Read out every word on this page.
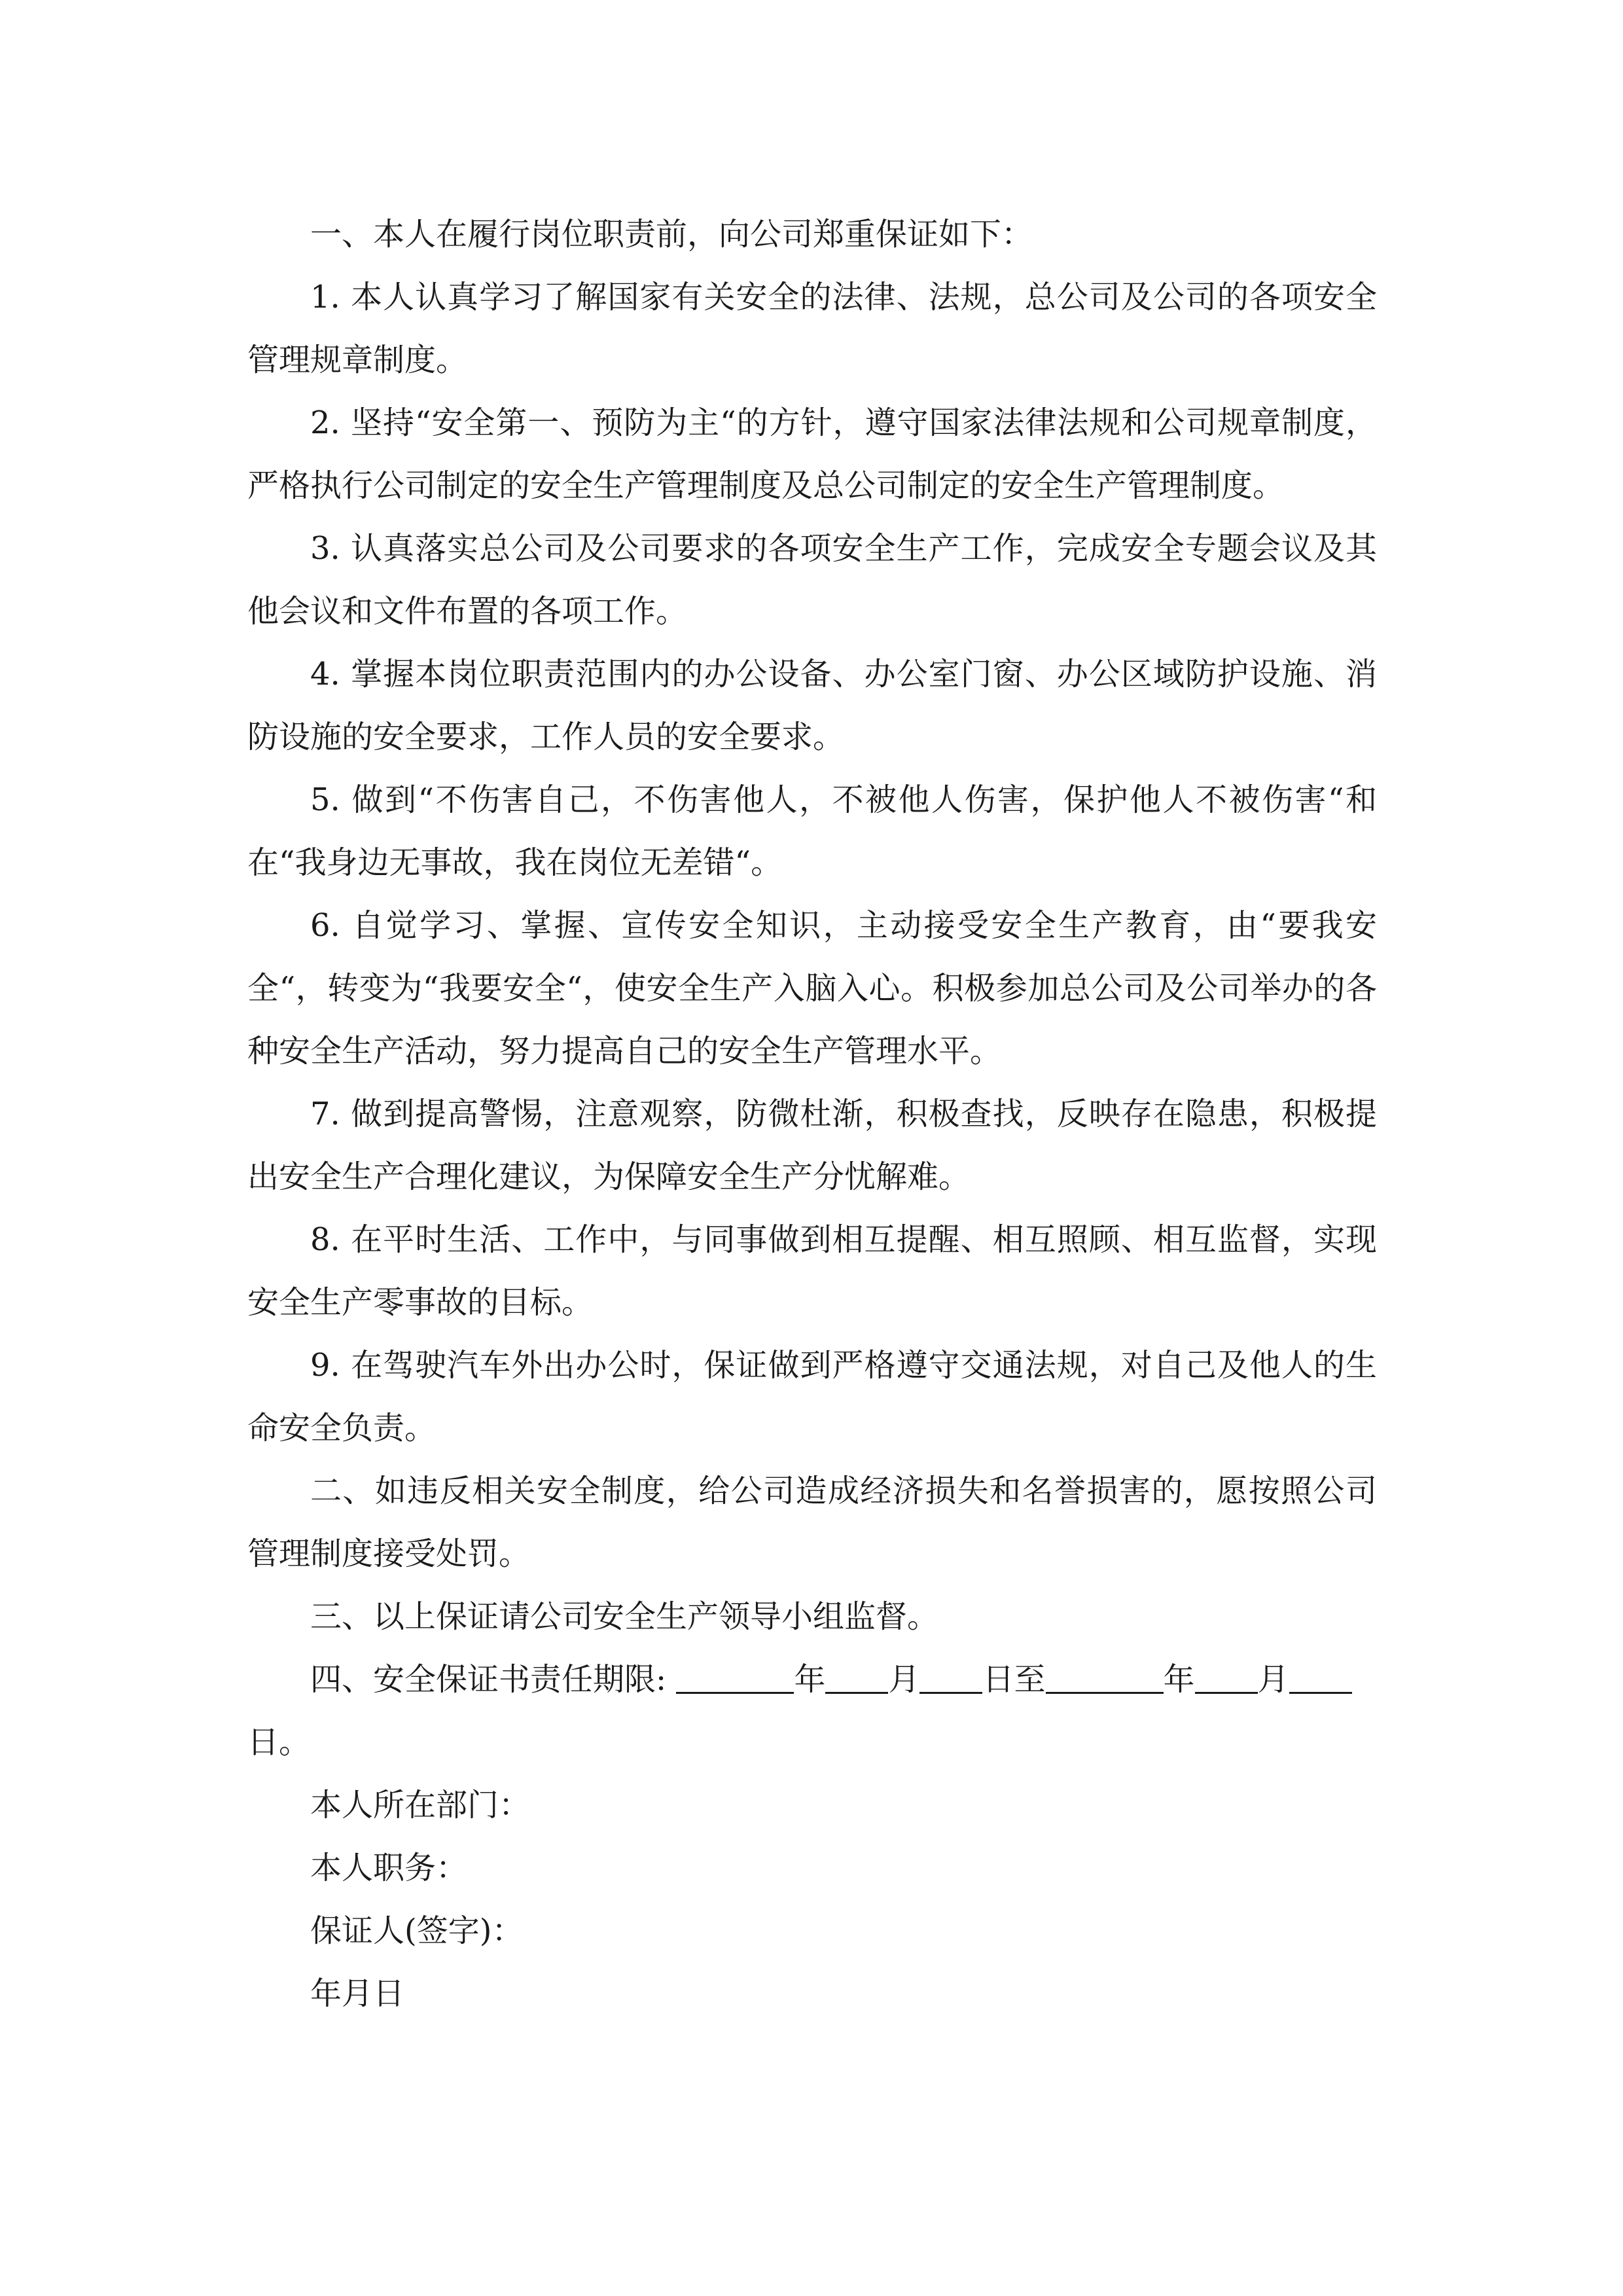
一、本人在履行岗位职责前，向公司郑重保证如下：

1. 本人认真学习了解国家有关安全的法律、法规，总公司及公司的各项安全管理规章制度。

2. 坚持“安全第一、预防为主“的方针，遵守国家法律法规和公司规章制度，严格执行公司制定的安全生产管理制度及总公司制定的安全生产管理制度。

3. 认真落实总公司及公司要求的各项安全生产工作，完成安全专题会议及其他会议和文件布置的各项工作。

4. 掌握本岗位职责范围内的办公设备、办公室门窗、办公区域防护设施、消防设施的安全要求，工作人员的安全要求。

5. 做到“不伤害自己，不伤害他人，不被他人伤害，保护他人不被伤害“和在“我身边无事故，我在岗位无差错“。

6. 自觉学习、掌握、宣传安全知识，主动接受安全生产教育，由“要我安全“，转变为“我要安全“，使安全生产入脑入心。积极参加总公司及公司举办的各种安全生产活动，努力提高自己的安全生产管理水平。

7. 做到提高警惕，注意观察，防微杜渐，积极查找，反映存在隐患，积极提出安全生产合理化建议，为保障安全生产分忧解难。

8. 在平时生活、工作中，与同事做到相互提醒、相互照顾、相互监督，实现安全生产零事故的目标。

9. 在驾驶汽车外出办公时，保证做到严格遵守交通法规，对自己及他人的生命安全负责。

二、如违反相关安全制度，给公司造成经济损失和名誉损害的，愿按照公司管理制度接受处罚。

三、以上保证请公司安全生产领导小组监督。

四、安全保证书责任期限:	年 月 日至	年 月

日。

本人所在部门：

本人职务：

保证人(签字)：

年月日
